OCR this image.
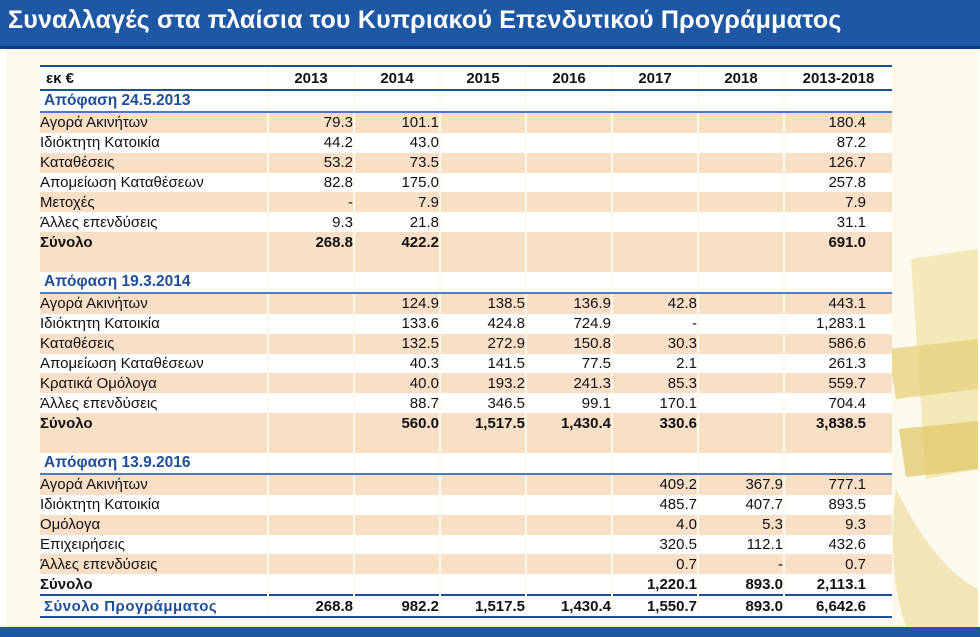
Συναλλαγές στα πλαίσια του Κυπριακού Επενδυτικού Προγράμματος
εκ €	2013	2014	2015	2016	2017	2018	2013-2018
Απόφαση 24.5.2013							
Αγορά Ακινήτων	79.3	101.1					180.4
Ιδιόκτητη Κατοικία	44.2	43.0					87.2
Καταθέσεις	53.2	73.5					126.7
Απομείωση Καταθέσεων	82.8	175.0					257.8
Μετοχές	-	7.9					7.9
Άλλες επενδύσεις	9.3	21.8					31.1
Σύνολο	268.8	422.2					691.0

Απόφαση 19.3.2014							
Αγορά Ακινήτων		124.9	138.5	136.9	42.8		443.1
Ιδιόκτητη Κατοικία		133.6	424.8	724.9	-		1,283.1
Καταθέσεις		132.5	272.9	150.8	30.3		586.6
Απομείωση Καταθέσεων		40.3	141.5	77.5	2.1		261.3
Κρατικά Ομόλογα		40.0	193.2	241.3	85.3		559.7
Άλλες επενδύσεις		88.7	346.5	99.1	170.1		704.4
Σύνολο		560.0	1,517.5	1,430.4	330.6		3,838.5

Απόφαση 13.9.2016							
Αγορά Ακινήτων					409.2	367.9	777.1
Ιδιόκτητη Κατοικία					485.7	407.7	893.5
Ομόλογα					4.0	5.3	9.3
Επιχειρήσεις					320.5	112.1	432.6
Άλλες επενδύσεις					0.7	-	0.7
Σύνολο					1,220.1	893.0	2,113.1
Σύνολο Προγράμματος	268.8	982.2	1,517.5	1,430.4	1,550.7	893.0	6,642.6
